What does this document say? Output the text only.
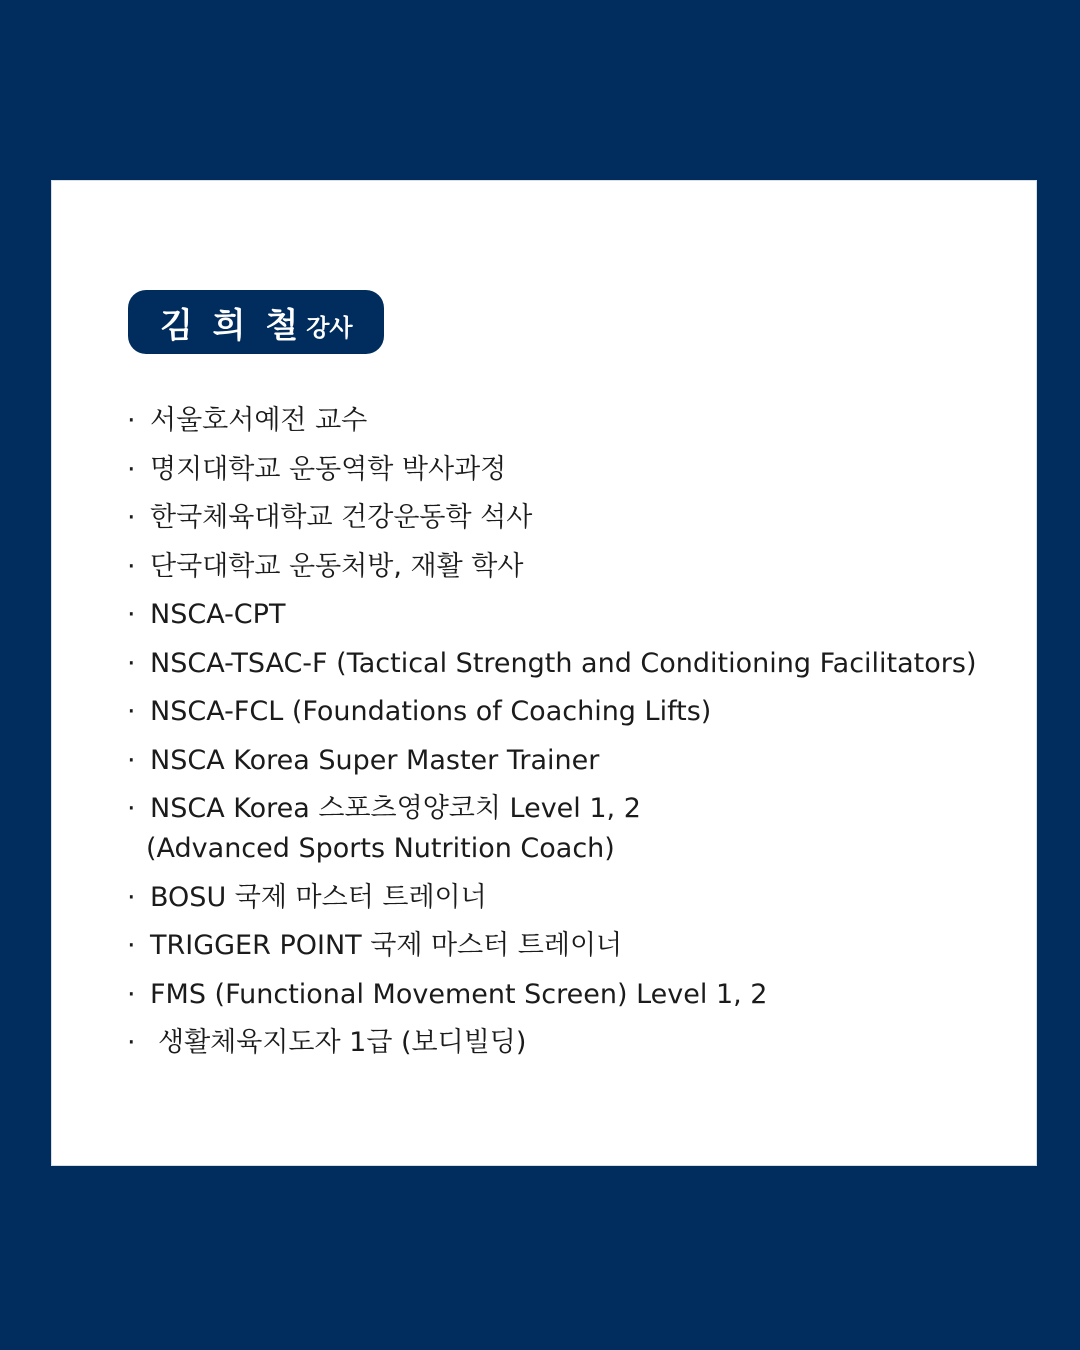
김 희 철 강사
· 서울호서예전 교수
· 명지대학교 운동역학 박사과정
· 한국체육대학교 건강운동학 석사
· 단국대학교 운동처방, 재활 학사
· NSCA-CPT
· NSCA-TSAC-F (Tactical Strength and Conditioning Facilitators)
· NSCA-FCL (Foundations of Coaching Lifts)
· NSCA Korea Super Master Trainer
· NSCA Korea 스포츠영양코치 Level 1, 2
(Advanced Sports Nutrition Coach)
· BOSU 국제 마스터 트레이너
· TRIGGER POINT 국제 마스터 트레이너
· FMS (Functional Movement Screen) Level 1, 2
· 생활체육지도자 1급 (보디빌딩)
